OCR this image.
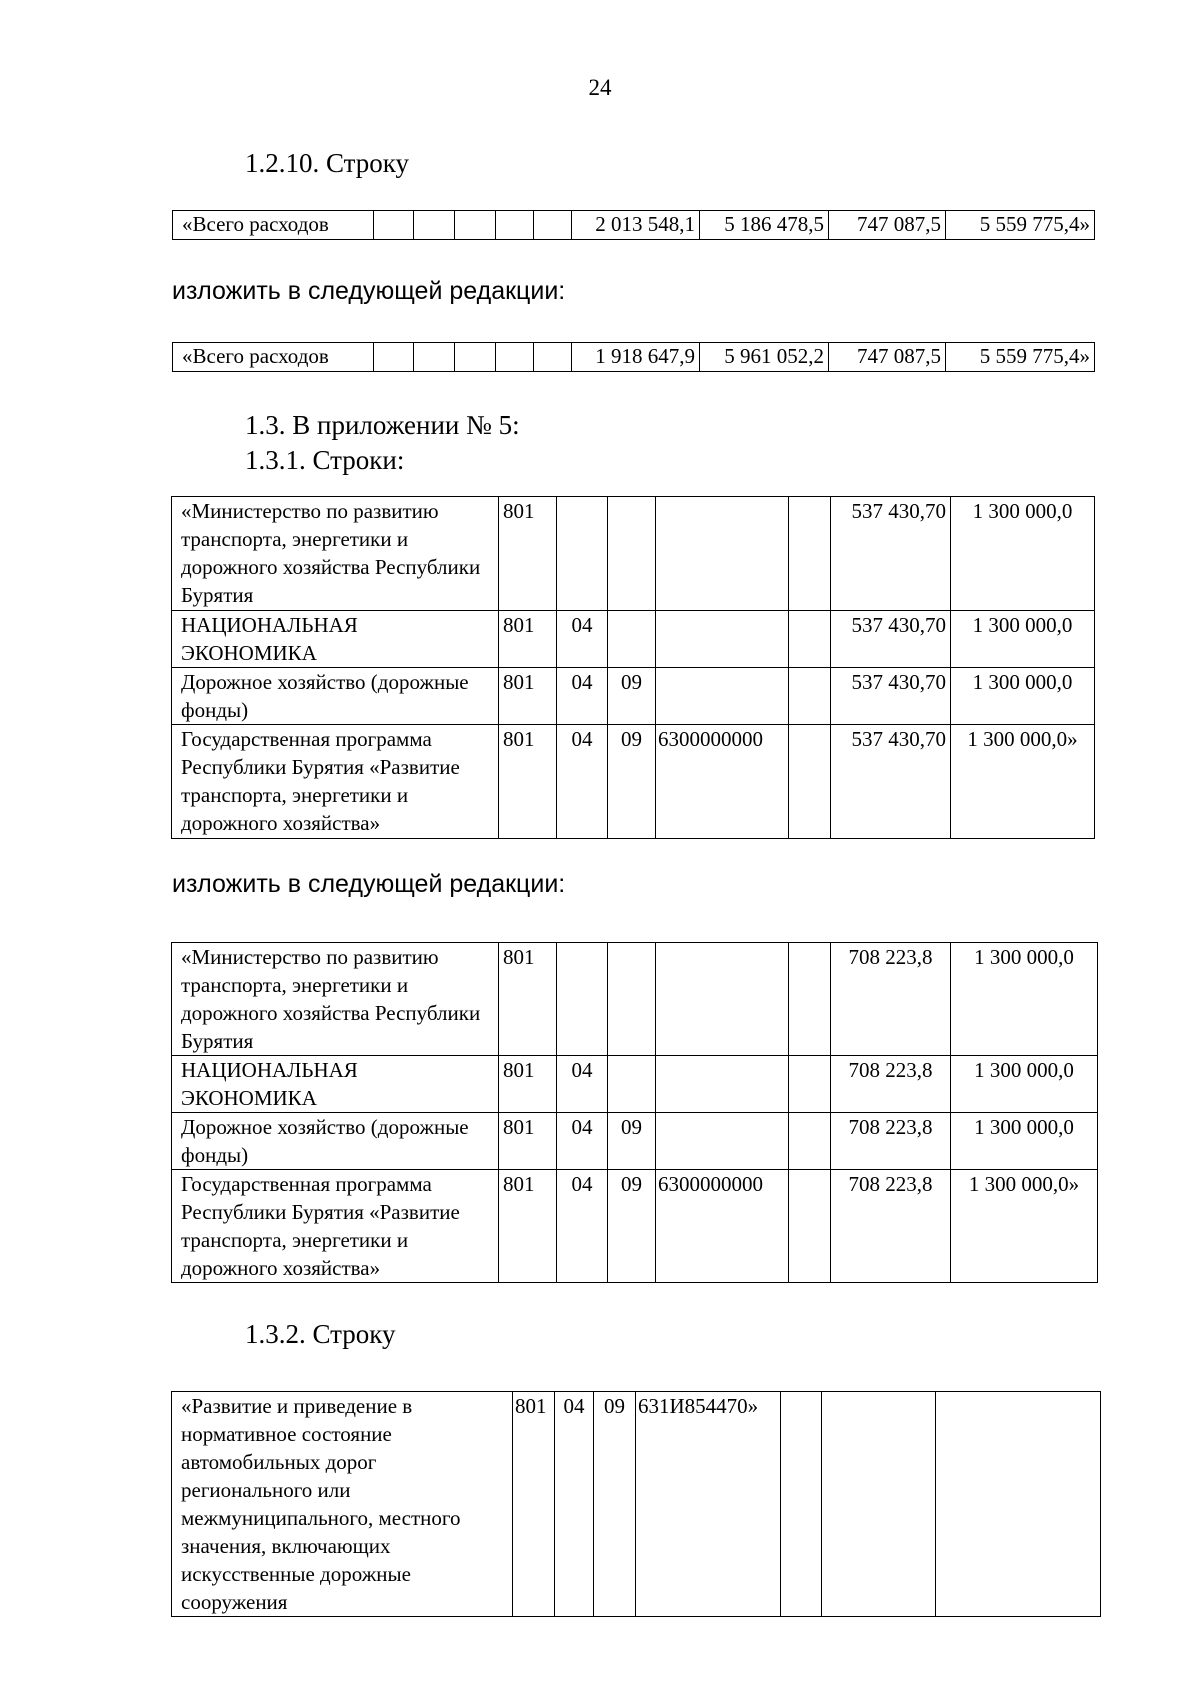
24
1.2.10. Строку
«Всего расходов						2 013 548,1	5 186 478,5	747 087,5	5 559 775,4»
изложить в следующей редакции:
«Всего расходов						1 918 647,9	5 961 052,2	747 087,5	5 559 775,4»
1.3. В приложении № 5:
1.3.1. Строки:
«Министерство по развитию транспорта, энергетики и дорожного хозяйства Республики Бурятия	801					537 430,70	1 300 000,0
НАЦИОНАЛЬНАЯ ЭКОНОМИКА	801	04				537 430,70	1 300 000,0
Дорожное хозяйство (дорожные фонды)	801	04	09			537 430,70	1 300 000,0
Государственная программа Республики Бурятия «Развитие транспорта, энергетики и дорожного хозяйства»	801	04	09	6300000000		537 430,70	1 300 000,0»
изложить в следующей редакции:
«Министерство по развитию транспорта, энергетики и дорожного хозяйства Республики Бурятия	801					708 223,8	1 300 000,0
НАЦИОНАЛЬНАЯ ЭКОНОМИКА	801	04				708 223,8	1 300 000,0
Дорожное хозяйство (дорожные фонды)	801	04	09			708 223,8	1 300 000,0
Государственная программа Республики Бурятия «Развитие транспорта, энергетики и дорожного хозяйства»	801	04	09	6300000000		708 223,8	1 300 000,0»
1.3.2. Строку
«Развитие и приведение в нормативное состояние автомобильных дорог регионального или межмуниципального, местного значения, включающих искусственные дорожные сооружения	801	04	09	631И854470»			
